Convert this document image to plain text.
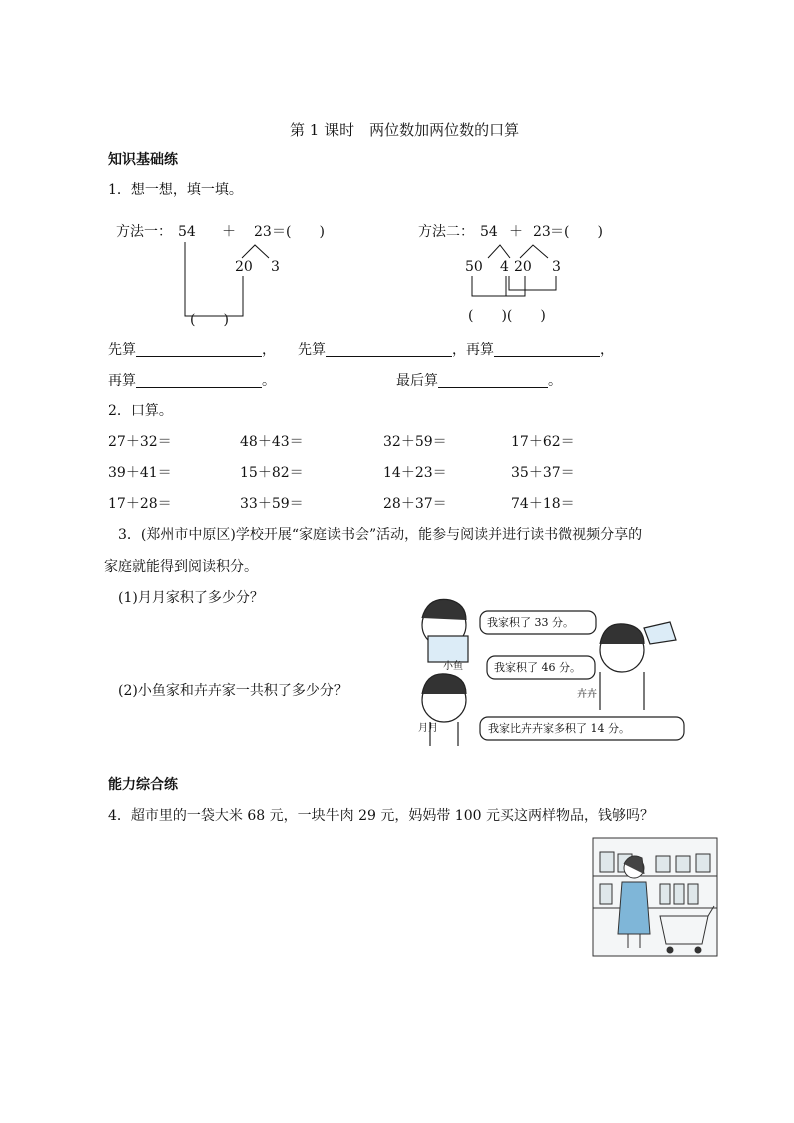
第 1 课时　两位数加两位数的口算
知识基础练
1．想一想，填一填。
方法一： 54 ＋ 23 ＝(　　)
20 3
(　　)
方法二： 54 ＋ 23 ＝(　　)
50 4 20 3
(　　)(　　)
先算	， 先算	，再算	，
再算	。	最后算	。
2．口算。
27＋32＝	48＋43＝	32＋59＝	17＋62＝
39＋41＝	15＋82＝	14＋23＝	35＋37＝
17＋28＝	33＋59＝	28＋37＝	74＋18＝
3．(郑州市中原区)学校开展“家庭读书会”活动，能参与阅读并进行读书微视频分享的
家庭就能得到阅读积分。
(1)月月家积了多少分？
(2)小鱼家和卉卉家一共积了多少分？
我家积了 33 分。
我家积了 46 分。
我家比卉卉家多积了 14 分。
小鱼
卉卉
月月
能力综合练
4．超市里的一袋大米 68 元，一块牛肉 29 元，妈妈带 100 元买这两样物品，钱够吗？
